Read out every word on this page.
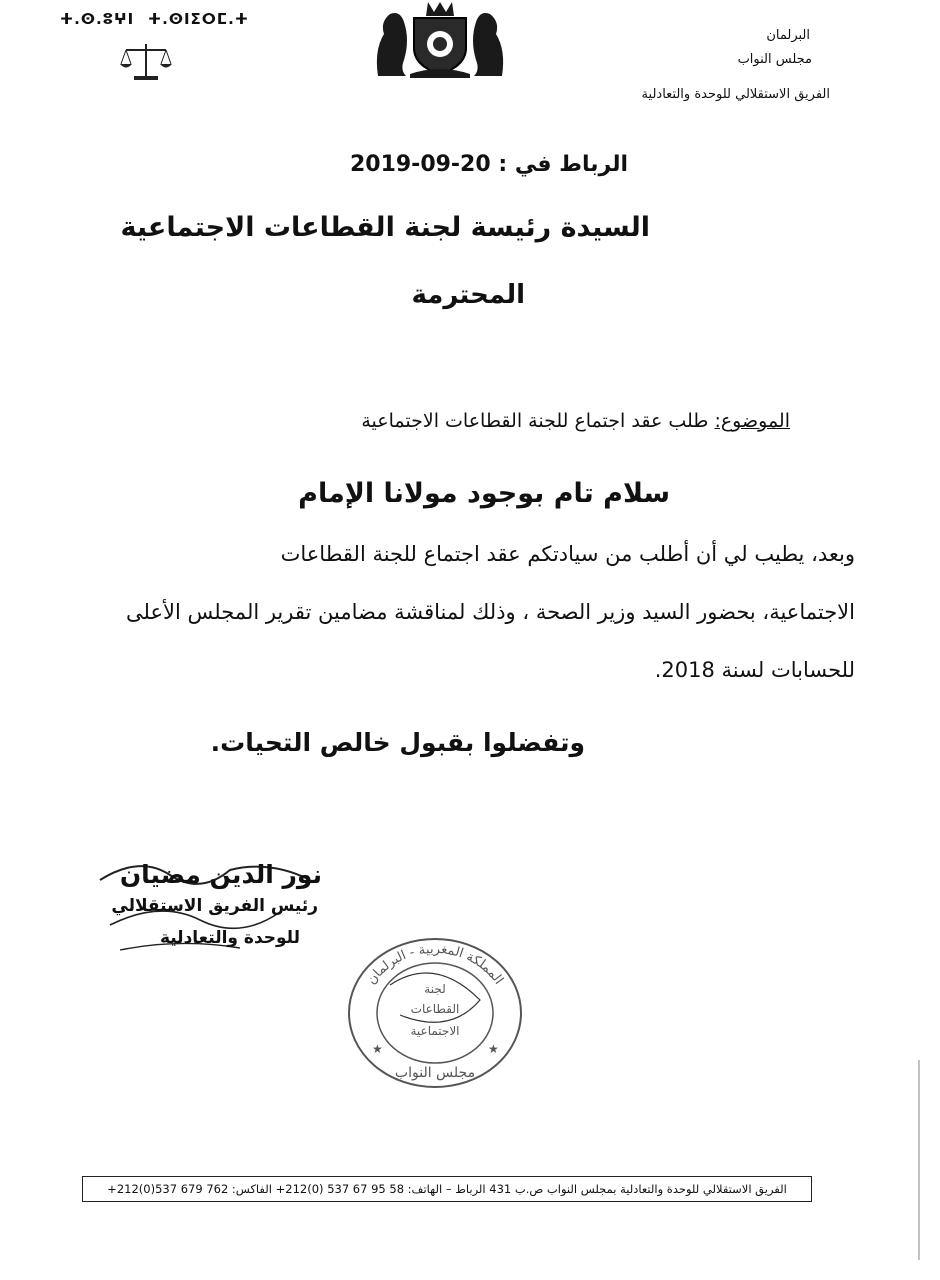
ⵜ.ⵙ.ⵓⵖⵏ ⵜ.ⵙⵏⵉⵔⵎ.ⵜ
البرلمان
مجلس النواب
الفريق الاستقلالي للوحدة والتعادلية
الرباط في : 2019-09-20
السيدة رئيسة لجنة القطاعات الاجتماعية
المحترمة
الموضوع: طلب عقد اجتماع للجنة القطاعات الاجتماعية
سلام تام بوجود مولانا الإمام
وبعد، يطيب لي أن أطلب من سيادتكم عقد اجتماع للجنة القطاعات
الاجتماعية، بحضور السيد وزير الصحة ، وذلك لمناقشة مضامين تقرير المجلس الأعلى
للحسابات لسنة 2018.
وتفضلوا بقبول خالص التحيات.
نور الدين مضيان
رئيس الفريق الاستقلالي
للوحدة والتعادلية
المملكة المغربية - البرلمان
مجلس النواب
لجنة
القطاعات
الاجتماعية
★	★
الفريق الاستقلالي للوحدة والتعادلية بمجلس النواب ص.ب 431 الرباط – الهاتف: 58 95 67 537 (0)212+ الفاكس: 762 679 537(0)212+
